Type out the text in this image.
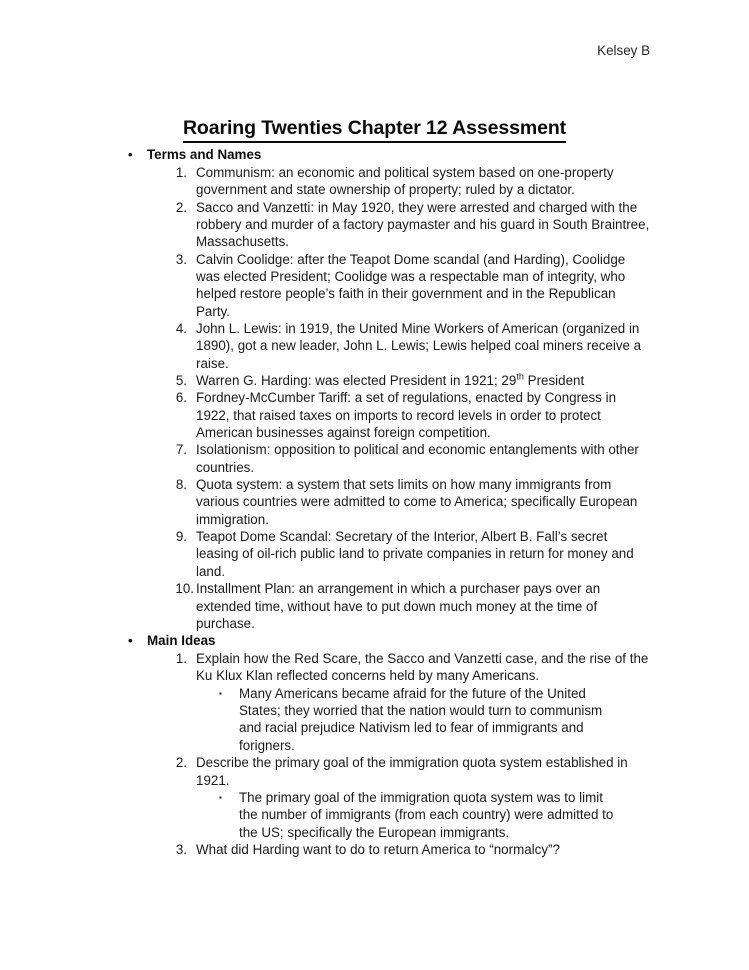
Kelsey B
Roaring Twenties Chapter 12 Assessment
•	Terms and Names
1. Communism: an economic and political system based on one-property government and state ownership of property; ruled by a dictator.
2. Sacco and Vanzetti: in May 1920, they were arrested and charged with the robbery and murder of a factory paymaster and his guard in South Braintree, Massachusetts.
3. Calvin Coolidge: after the Teapot Dome scandal (and Harding), Coolidge was elected President; Coolidge was a respectable man of integrity, who helped restore people’s faith in their government and in the Republican Party.
4. John L. Lewis: in 1919, the United Mine Workers of American (organized in 1890), got a new leader, John L. Lewis; Lewis helped coal miners receive a raise.
5. Warren G. Harding: was elected President in 1921; 29th President
6. Fordney-McCumber Tariff: a set of regulations, enacted by Congress in 1922, that raised taxes on imports to record levels in order to protect American businesses against foreign competition.
7. Isolationism: opposition to political and economic entanglements with other countries.
8. Quota system: a system that sets limits on how many immigrants from various countries were admitted to come to America; specifically European immigration.
9. Teapot Dome Scandal: Secretary of the Interior, Albert B. Fall’s secret leasing of oil-rich public land to private companies in return for money and land.
10. Installment Plan: an arrangement in which a purchaser pays over an extended time, without have to put down much money at the time of purchase.
•	Main Ideas
1. Explain how the Red Scare, the Sacco and Vanzetti case, and the rise of the Ku Klux Klan reflected concerns held by many Americans.
▪	Many Americans became afraid for the future of the United States; they worried that the nation would turn to communism and racial prejudice Nativism led to fear of immigrants and forigners.
2. Describe the primary goal of the immigration quota system established in 1921.
▪	The primary goal of the immigration quota system was to limit the number of immigrants (from each country) were admitted to the US; specifically the European immigrants.
3. What did Harding want to do to return America to “normalcy”?
